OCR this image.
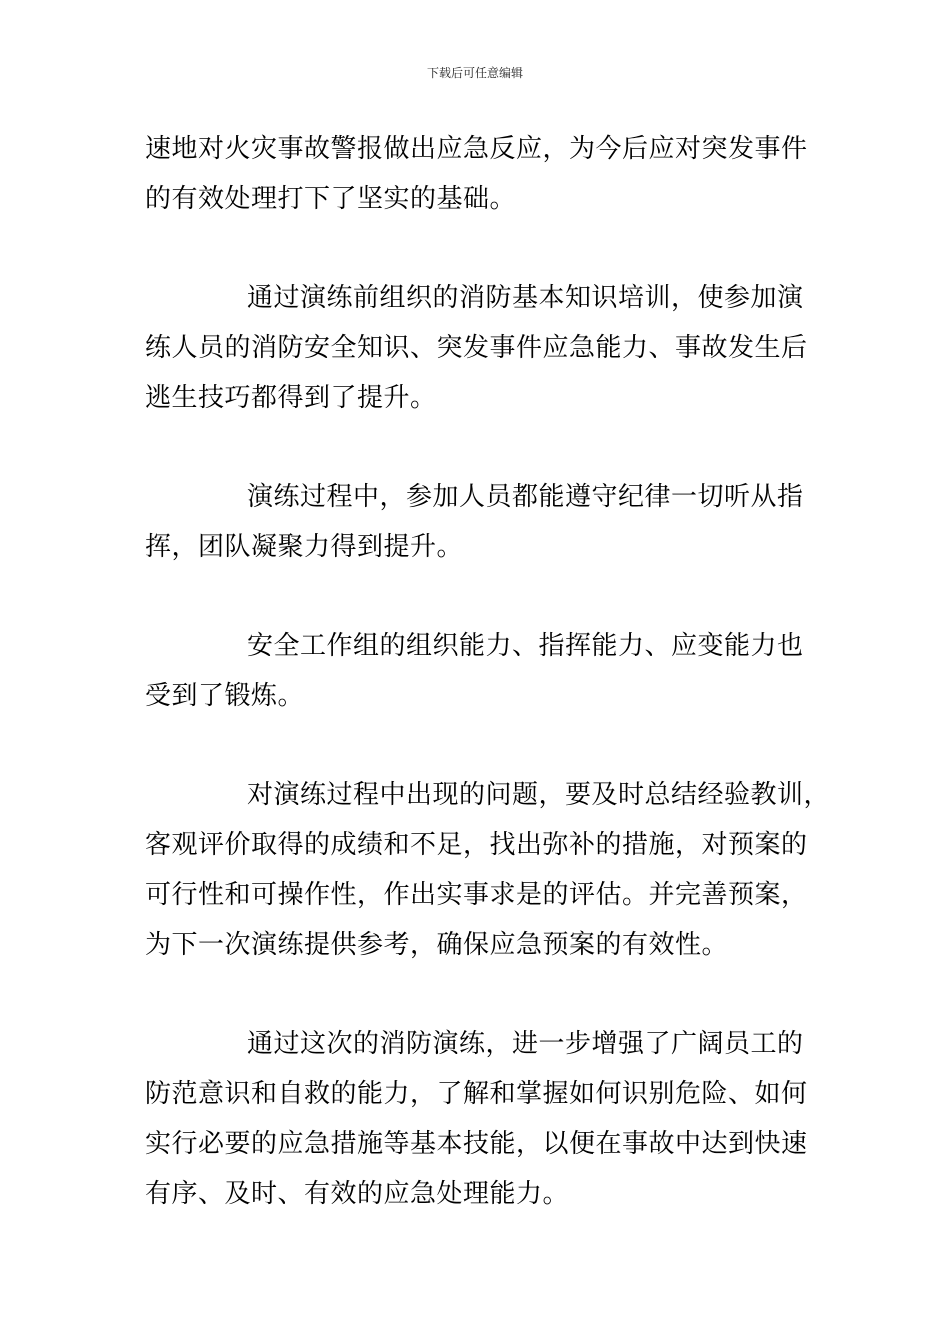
下载后可任意编辑
速地对火灾事故警报做出应急反应，为今后应对突发事件
的有效处理打下了坚实的基础。
通过演练前组织的消防基本知识培训，使参加演
练人员的消防安全知识、突发事件应急能力、事故发生后
逃生技巧都得到了提升。
演练过程中，参加人员都能遵守纪律一切听从指
挥，团队凝聚力得到提升。
安全工作组的组织能力、指挥能力、应变能力也
受到了锻炼。
对演练过程中出现的问题，要及时总结经验教训，
客观评价取得的成绩和不足，找出弥补的措施，对预案的
可行性和可操作性，作出实事求是的评估。并完善预案，
为下一次演练提供参考，确保应急预案的有效性。
通过这次的消防演练，进一步增强了广阔员工的
防范意识和自救的能力，了解和掌握如何识别危险、如何
实行必要的应急措施等基本技能，以便在事故中达到快速
有序、及时、有效的应急处理能力。
